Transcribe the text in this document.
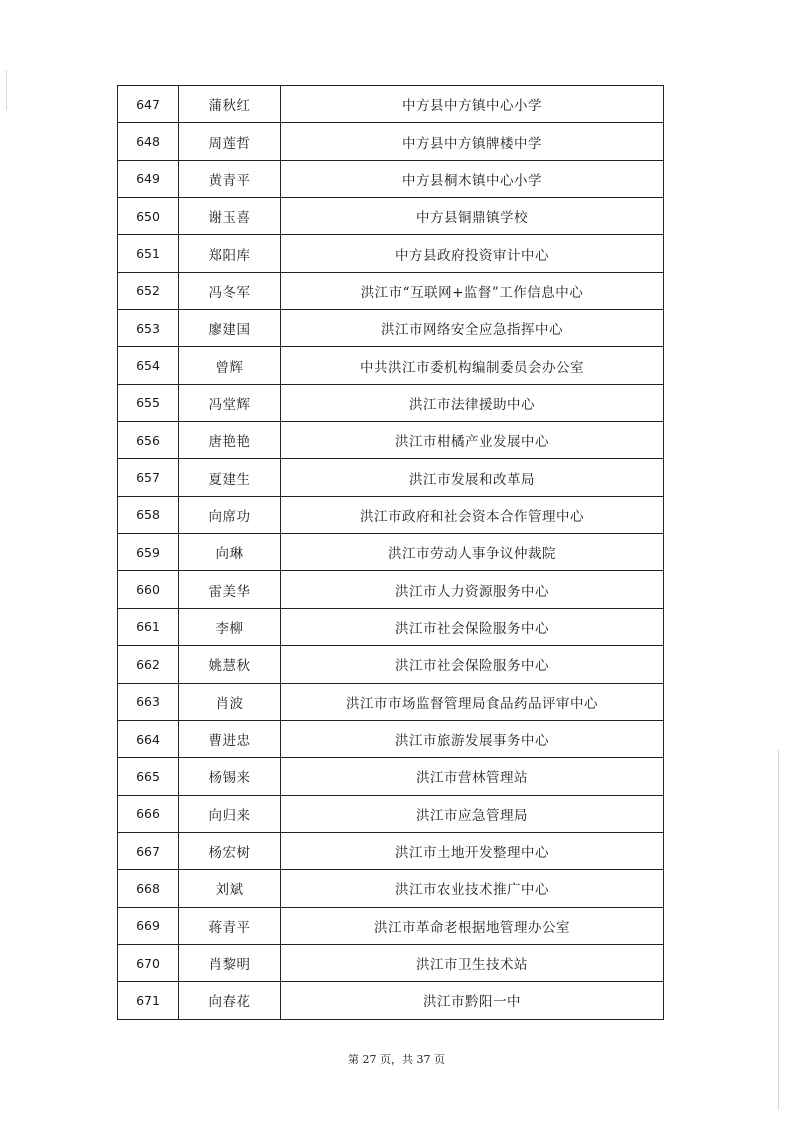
647	蒲秋红	中方县中方镇中心小学
648	周莲哲	中方县中方镇牌楼中学
649	黄青平	中方县桐木镇中心小学
650	谢玉喜	中方县铜鼎镇学校
651	郑阳库	中方县政府投资审计中心
652	冯冬军	洪江市“互联网+监督”工作信息中心
653	廖建国	洪江市网络安全应急指挥中心
654	曾辉	中共洪江市委机构编制委员会办公室
655	冯堂辉	洪江市法律援助中心
656	唐艳艳	洪江市柑橘产业发展中心
657	夏建生	洪江市发展和改革局
658	向席功	洪江市政府和社会资本合作管理中心
659	向琳	洪江市劳动人事争议仲裁院
660	雷美华	洪江市人力资源服务中心
661	李柳	洪江市社会保险服务中心
662	姚慧秋	洪江市社会保险服务中心
663	肖波	洪江市市场监督管理局食品药品评审中心
664	曹进忠	洪江市旅游发展事务中心
665	杨锡来	洪江市营林管理站
666	向归来	洪江市应急管理局
667	杨宏树	洪江市土地开发整理中心
668	刘斌	洪江市农业技术推广中心
669	蒋青平	洪江市革命老根据地管理办公室
670	肖黎明	洪江市卫生技术站
671	向春花	洪江市黔阳一中
第 27 页，共 37 页
